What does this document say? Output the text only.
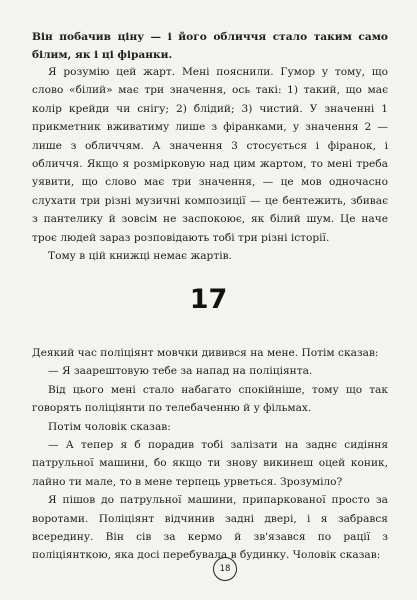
Він побачив ціну — і його обличчя стало таким само білим, як і ці фіранки.

Я розумію цей жарт. Мені пояснили. Гумор у тому, що слово «білий» має три значення, ось такі: 1) такий, що має колір крейди чи снігу; 2) блідий; 3) чистий. У значенні 1 прикметник вживатиму лише з фіранками, у значення 2 — лише з обличчям. А значення 3 стосується і фіранок, і обличчя. Якщо я розмірковую над цим жартом, то мені треба уявити, що слово має три значення, — це мов одночасно слухати три різні музичні композиції — це бентежить, збиває з пантелику й зовсім не заспокоює, як білий шум. Це наче троє людей зараз розповідають тобі три різні історії.

Тому в цій книжці немає жартів.

17

Деякий час поліціянт мовчки дивився на мене. Потім сказав:

— Я заарештовую тебе за напад на поліціянта.

Від цього мені стало набагато спокійніше, тому що так говорять поліціянти по телебаченню й у фільмах.

Потім чоловік сказав:

— А тепер я б порадив тобі залізати на заднє сидіння патрульної машини, бо якщо ти знову викинеш оцей коник, лайно ти мале, то в мене терпець урветься. Зрозуміло?

Я пішов до патрульної машини, припаркованої просто за воротами. Поліціянт відчинив задні двері, і я забрався всередину. Він сів за кермо й зв'язався по рації з поліціянткою, яка досі перебувала в будинку. Чоловік сказав:

18
